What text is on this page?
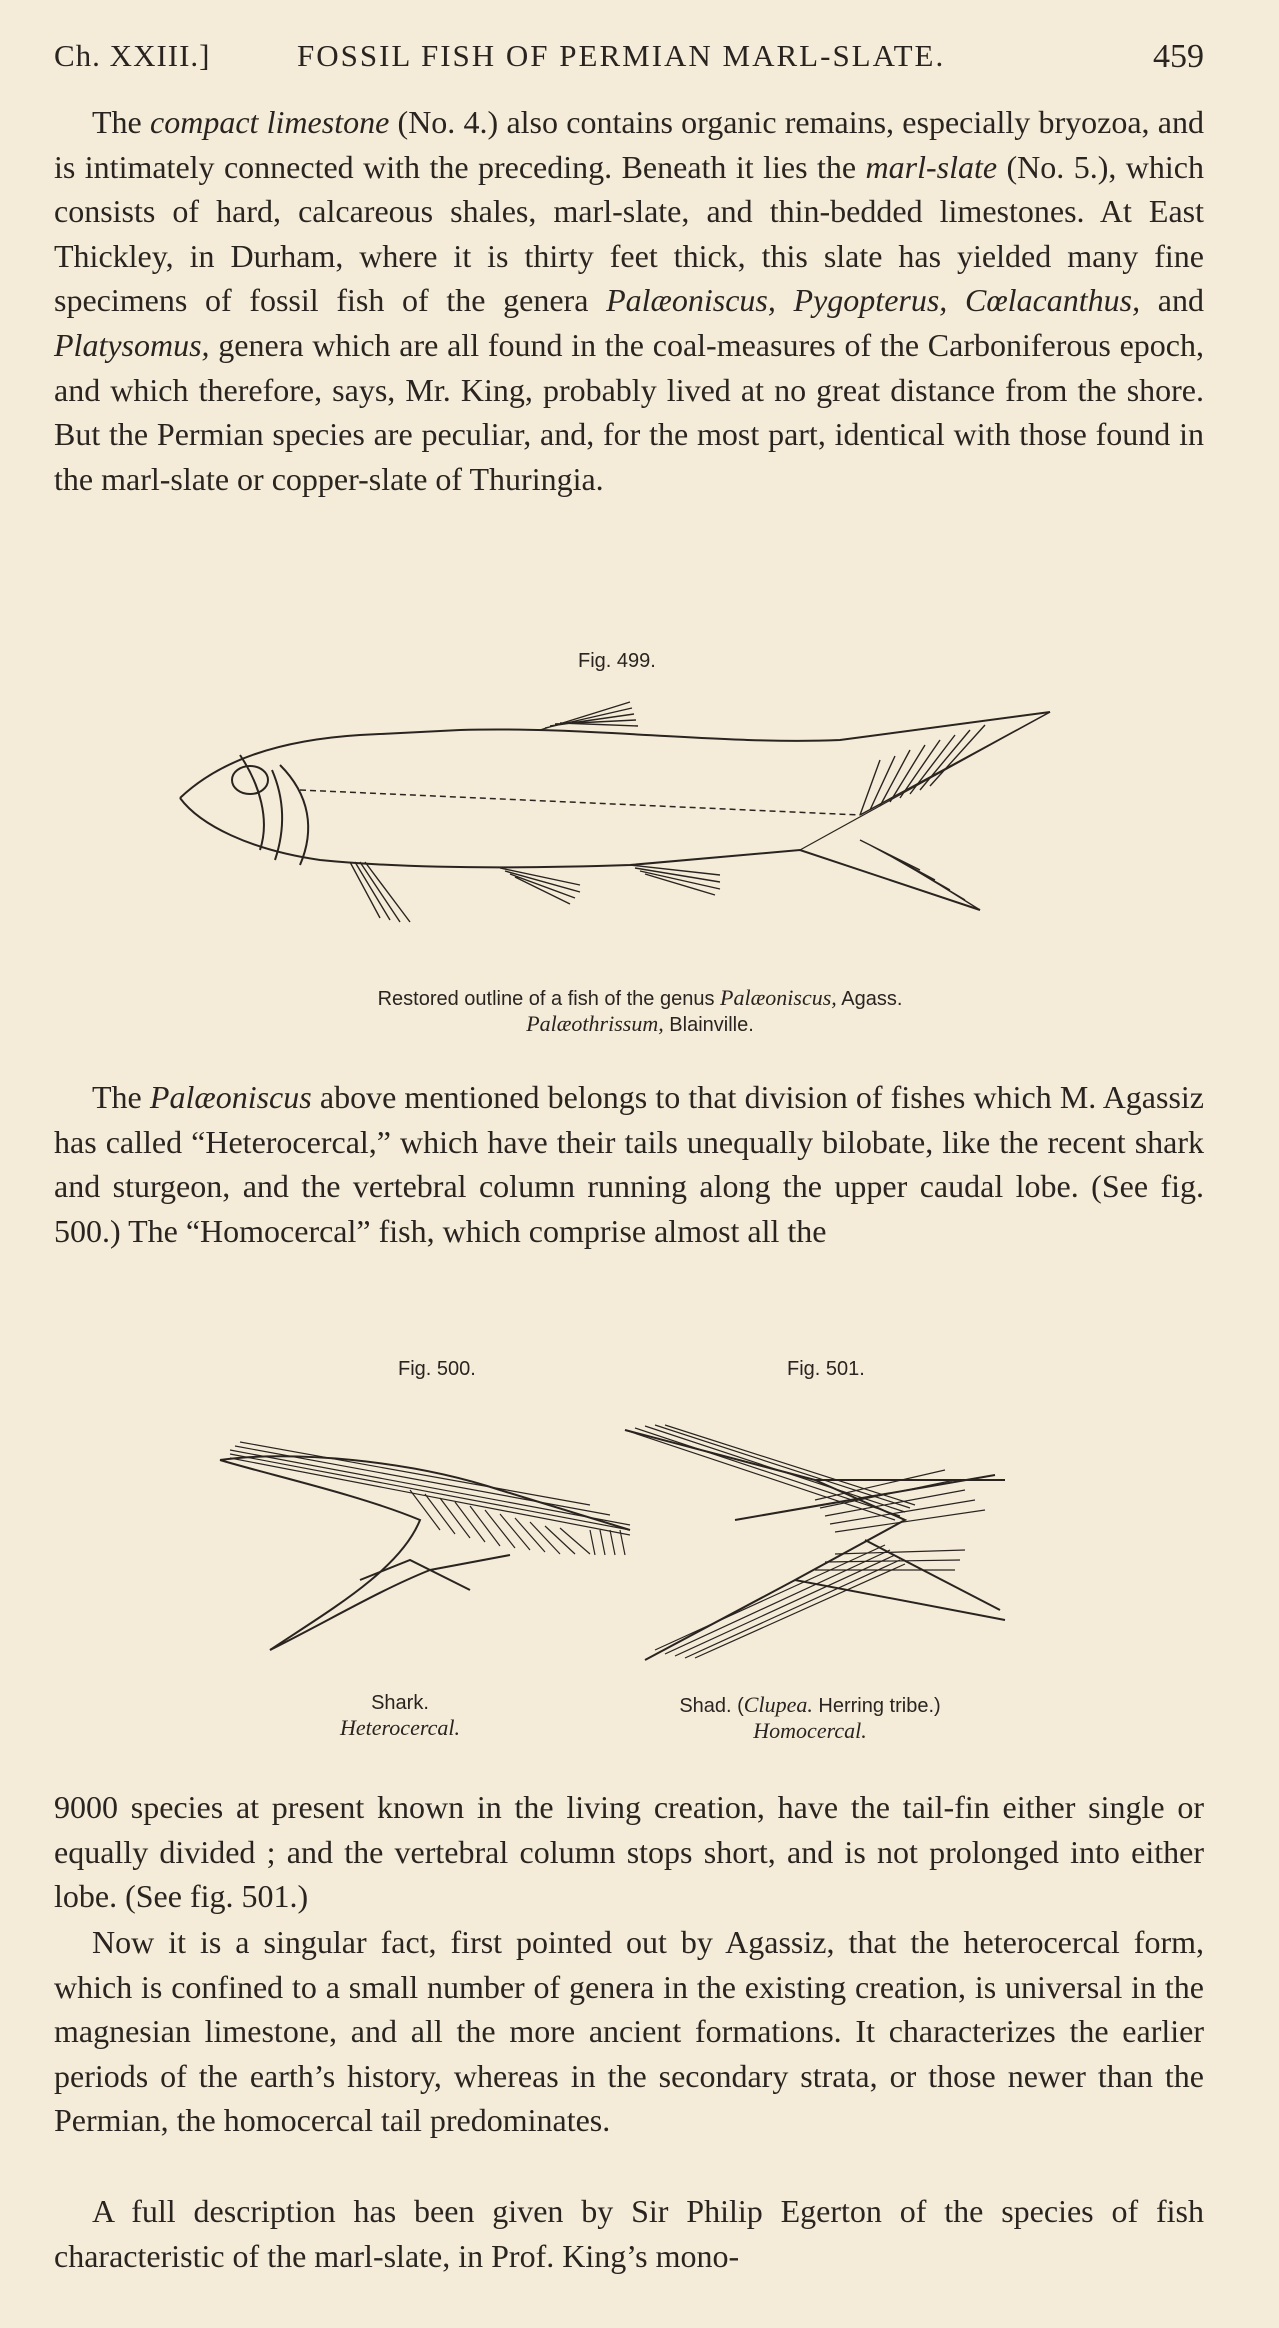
Ch. XXIII.]	FOSSIL FISH OF PERMIAN MARL-SLATE.	459

The compact limestone (No. 4.) also contains organic remains, especially bryozoa, and is intimately connected with the preceding. Beneath it lies the marl-slate (No. 5.), which consists of hard, calcareous shales, marl-slate, and thin-bedded limestones. At East Thickley, in Durham, where it is thirty feet thick, this slate has yielded many fine specimens of fossil fish of the genera Palæoniscus, Pygopterus, Cœlacanthus, and Platysomus, genera which are all found in the coal-measures of the Carboniferous epoch, and which therefore, says, Mr. King, probably lived at no great distance from the shore. But the Permian species are peculiar, and, for the most part, identical with those found in the marl-slate or copper-slate of Thuringia.

Fig. 499.
Restored outline of a fish of the genus Palæoniscus, Agass.
Palæothrissum, Blainville.

The Palæoniscus above mentioned belongs to that division of fishes which M. Agassiz has called “Heterocercal,” which have their tails unequally bilobate, like the recent shark and sturgeon, and the vertebral column running along the upper caudal lobe. (See fig. 500.) The “Homocercal” fish, which comprise almost all the

Fig. 500.	Fig. 501.
Shark.
Heterocercal.
Shad. (Clupea. Herring tribe.)
Homocercal.

9000 species at present known in the living creation, have the tail-fin either single or equally divided ; and the vertebral column stops short, and is not prolonged into either lobe. (See fig. 501.)

Now it is a singular fact, first pointed out by Agassiz, that the heterocercal form, which is confined to a small number of genera in the existing creation, is universal in the magnesian limestone, and all the more ancient formations. It characterizes the earlier periods of the earth’s history, whereas in the secondary strata, or those newer than the Permian, the homocercal tail predominates.

A full description has been given by Sir Philip Egerton of the species of fish characteristic of the marl-slate, in Prof. King’s mono-
